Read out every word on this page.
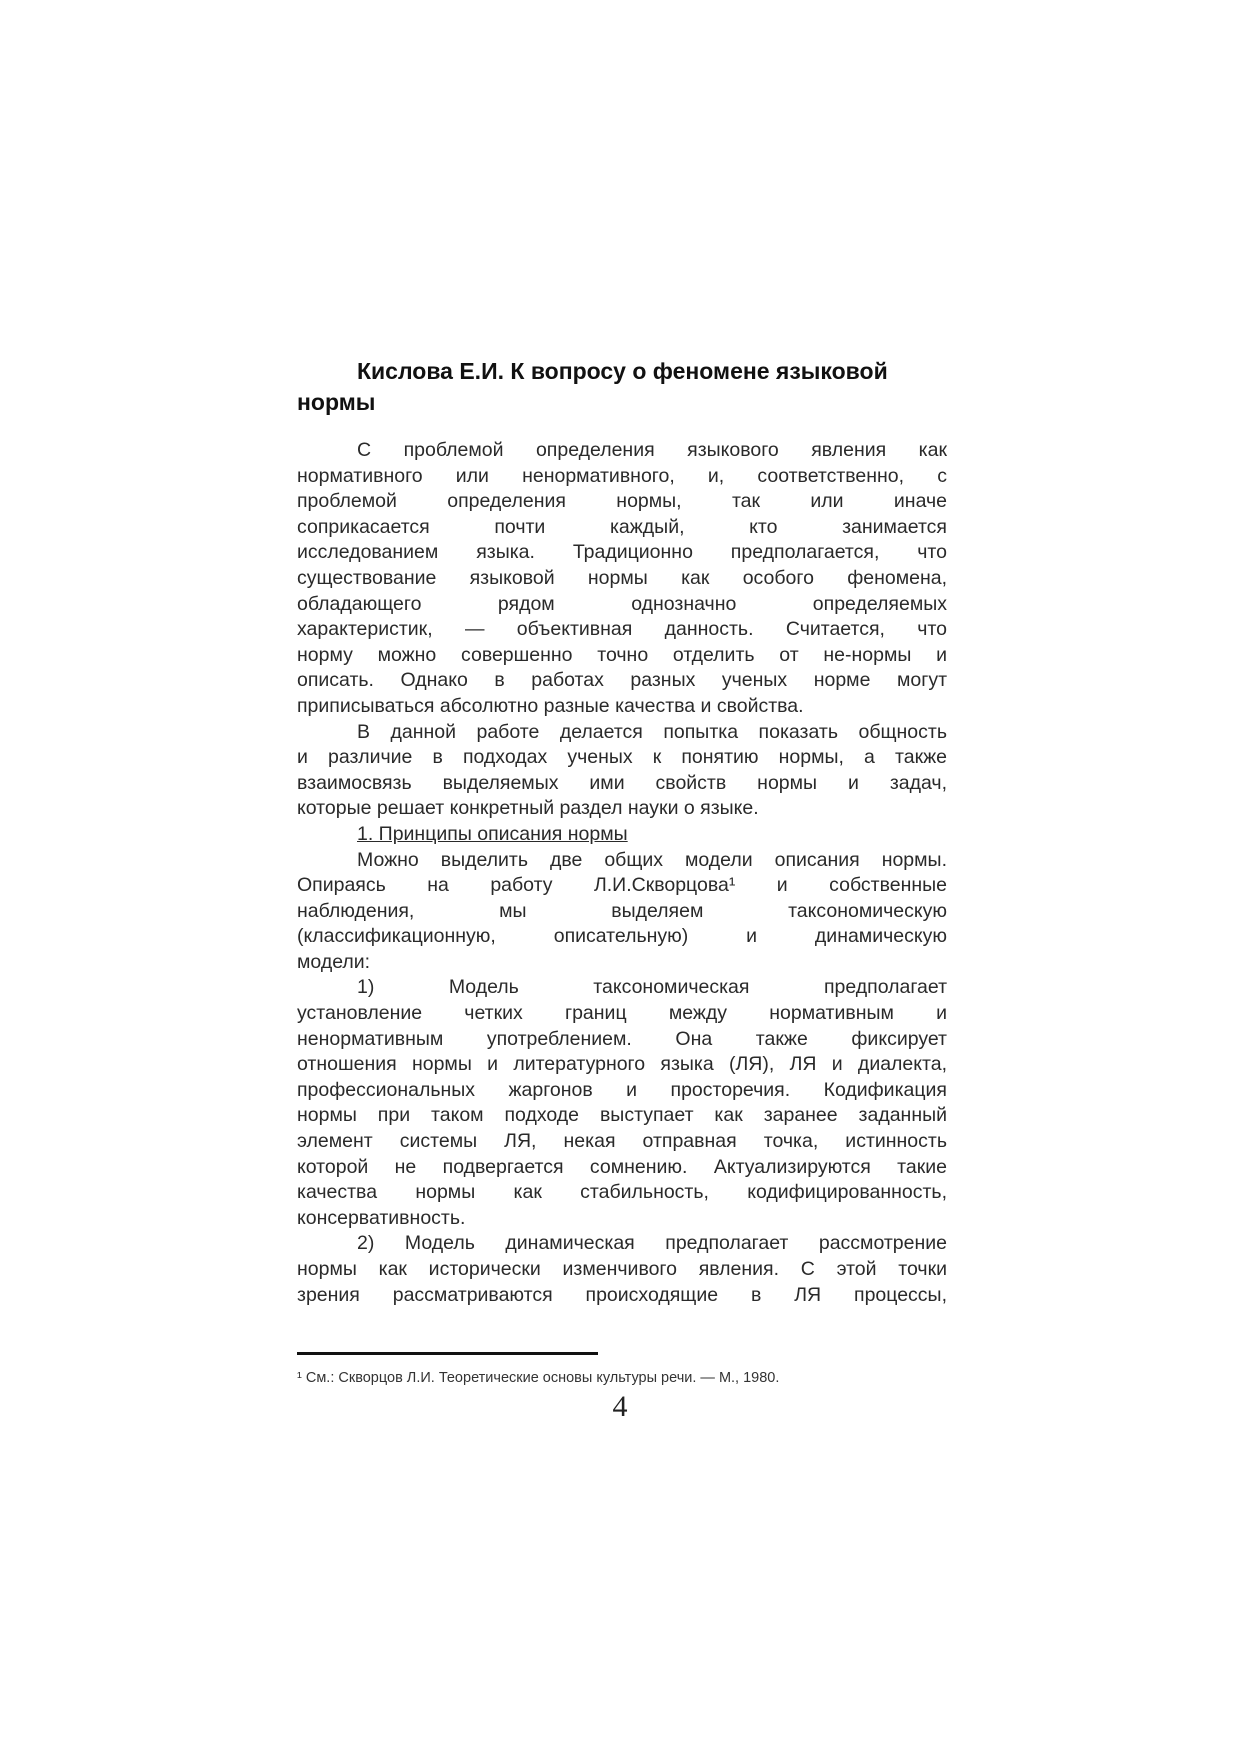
Кислова Е.И. К вопросу о феномене языковой
нормы
С проблемой определения языкового явления как
нормативного или ненормативного, и, соответственно, с
проблемой определения нормы, так или иначе
соприкасается почти каждый, кто занимается
исследованием языка. Традиционно предполагается, что
существование языковой нормы как особого феномена,
обладающего рядом однозначно определяемых
характеристик, — объективная данность. Считается, что
норму можно совершенно точно отделить от не-нормы и
описать. Однако в работах разных ученых норме могут
приписываться абсолютно разные качества и свойства.
В данной работе делается попытка показать общность
и различие в подходах ученых к понятию нормы, а также
взаимосвязь выделяемых ими свойств нормы и задач,
которые решает конкретный раздел науки о языке.
1. Принципы описания нормы
Можно выделить две общих модели описания нормы.
Опираясь на работу Л.И.Скворцова¹ и собственные
наблюдения, мы выделяем таксономическую
(классификационную, описательную) и динамическую
модели:
1) Модель таксономическая предполагает
установление четких границ между нормативным и
ненормативным употреблением. Она также фиксирует
отношения нормы и литературного языка (ЛЯ), ЛЯ и диалекта,
профессиональных жаргонов и просторечия. Кодификация
нормы при таком подходе выступает как заранее заданный
элемент системы ЛЯ, некая отправная точка, истинность
которой не подвергается сомнению. Актуализируются такие
качества нормы как стабильность, кодифицированность,
консервативность.
2) Модель динамическая предполагает рассмотрение
нормы как исторически изменчивого явления. С этой точки
зрения рассматриваются происходящие в ЛЯ процессы,
¹ См.: Скворцов Л.И. Теоретические основы культуры речи. — М., 1980.
4
